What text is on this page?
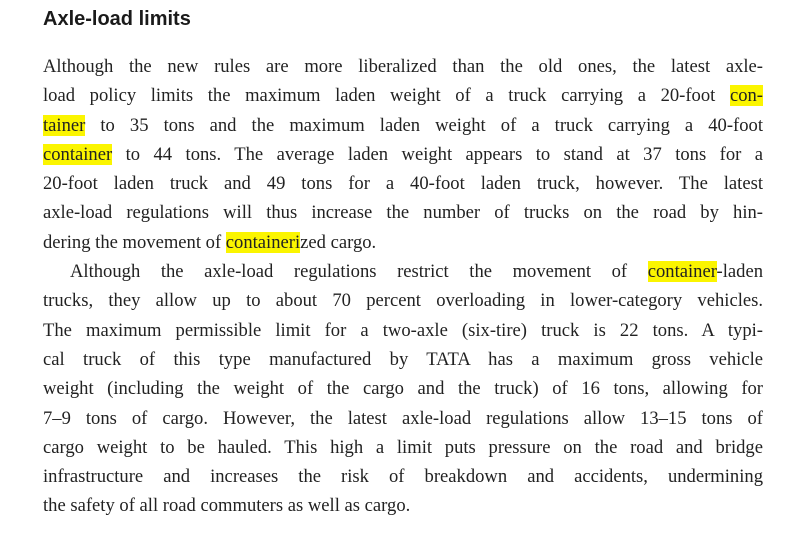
Axle-load limits
Although the new rules are more liberalized than the old ones, the latest axle-
load policy limits the maximum laden weight of a truck carrying a 20-foot con-
tainer to 35 tons and the maximum laden weight of a truck carrying a 40-foot
container to 44 tons. The average laden weight appears to stand at 37 tons for a
20-foot laden truck and 49 tons for a 40-foot laden truck, however. The latest
axle-load regulations will thus increase the number of trucks on the road by hin-
dering the movement of containerized cargo.
Although the axle-load regulations restrict the movement of container-laden
trucks, they allow up to about 70 percent overloading in lower-category vehicles.
The maximum permissible limit for a two-axle (six-tire) truck is 22 tons. A typi-
cal truck of this type manufactured by TATA has a maximum gross vehicle
weight (including the weight of the cargo and the truck) of 16 tons, allowing for
7–9 tons of cargo. However, the latest axle-load regulations allow 13–15 tons of
cargo weight to be hauled. This high a limit puts pressure on the road and bridge
infrastructure and increases the risk of breakdown and accidents, undermining
the safety of all road commuters as well as cargo.
